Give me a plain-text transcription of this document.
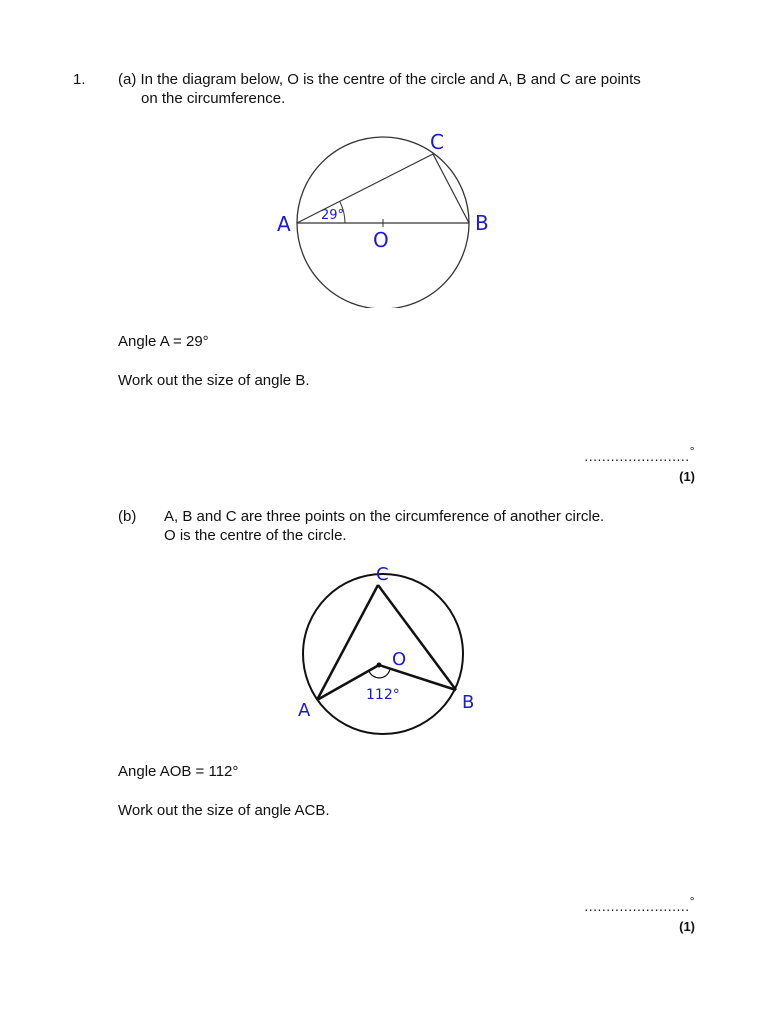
1. (a) In the diagram below, O is the centre of the circle and A, B and C are points
on the circumference.
A	B
C
O
29°
Angle A = 29°
Work out the size of angle B.
........................°
(1)
(b) A, B and C are three points on the circumference of another circle.
O is the centre of the circle.
C
O
A	B
112°
Angle AOB = 112°
Work out the size of angle ACB.
........................°
(1)
